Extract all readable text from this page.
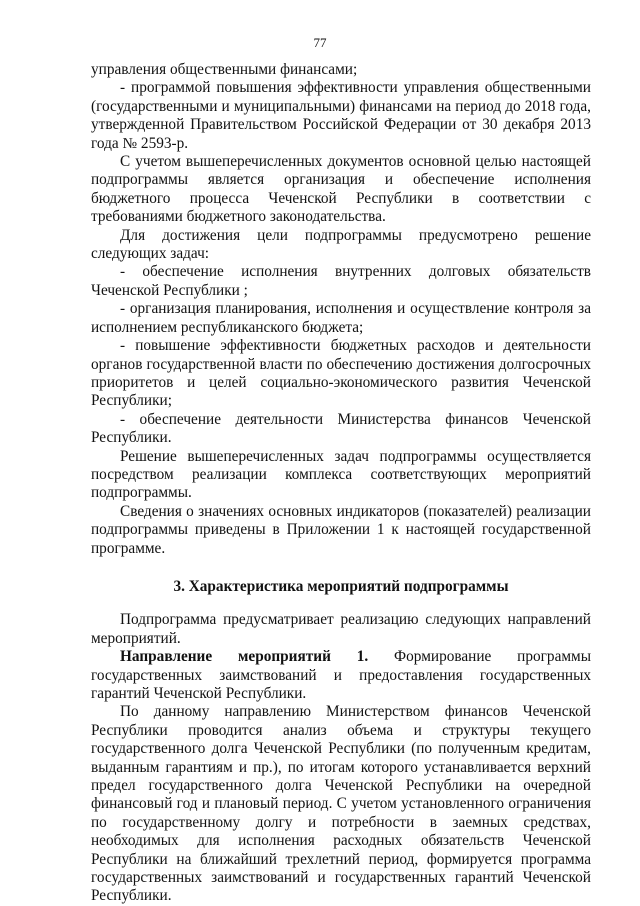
77

управления общественными финансами;

- программой повышения эффективности управления общественными (государственными и муниципальными) финансами на период до 2018 года, утвержденной Правительством Российской Федерации от 30 декабря 2013 года № 2593-р.

С учетом вышеперечисленных документов основной целью настоящей подпрограммы является организация и обеспечение исполнения бюджетного процесса Чеченской Республики в соответствии с требованиями бюджетного законодательства.

Для достижения цели подпрограммы предусмотрено решение следующих задач:

- обеспечение исполнения внутренних долговых обязательств Чеченской Республики ;

- организация планирования, исполнения и осуществление контроля за исполнением республиканского бюджета;

- повышение эффективности бюджетных расходов и деятельности органов государственной власти по обеспечению достижения долгосрочных приоритетов и целей социально-экономического развития Чеченской Республики;

- обеспечение деятельности Министерства финансов Чеченской Республики.

Решение вышеперечисленных задач подпрограммы осуществляется посредством реализации комплекса соответствующих мероприятий подпрограммы.

Сведения о значениях основных индикаторов (показателей) реализации подпрограммы приведены в Приложении 1 к настоящей государственной программе.

3. Характеристика мероприятий подпрограммы

Подпрограмма предусматривает реализацию следующих направлений мероприятий.

Направление мероприятий 1. Формирование программы государственных заимствований и предоставления государственных гарантий Чеченской Республики.

По данному направлению Министерством финансов Чеченской Республики проводится анализ объема и структуры текущего государственного долга Чеченской Республики (по полученным кредитам, выданным гарантиям и пр.), по итогам которого устанавливается верхний предел государственного долга Чеченской Республики на очередной финансовый год и плановый период. С учетом установленного ограничения по государственному долгу и потребности в заемных средствах, необходимых для исполнения расходных обязательств Чеченской Республики на ближайший трехлетний период, формируется программа государственных заимствований и государственных гарантий Чеченской Республики.
